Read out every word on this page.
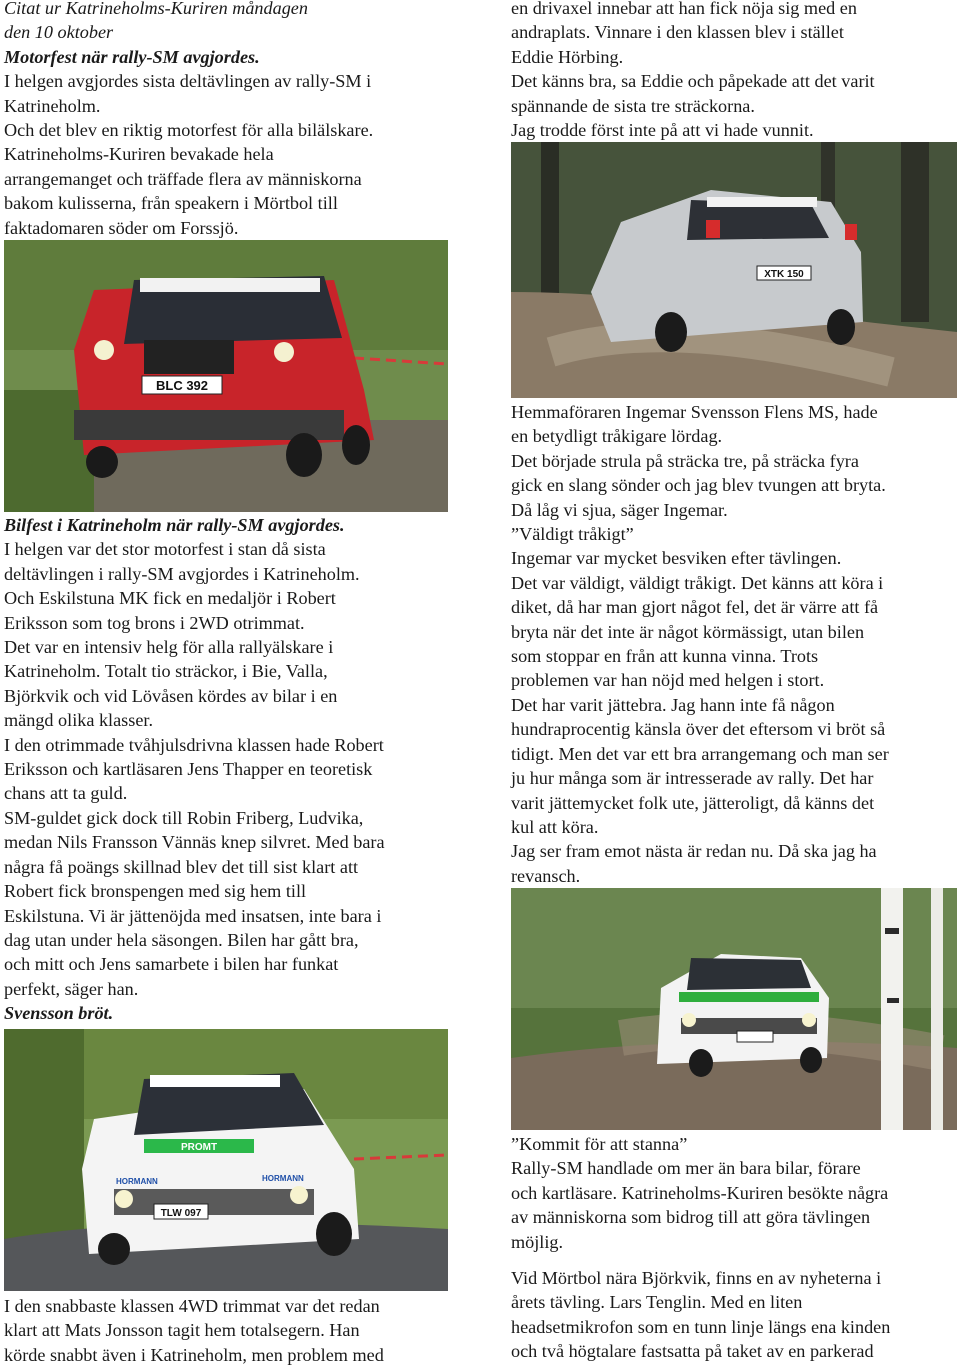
Citat ur Katrineholms-Kuriren måndagen

den 10 oktober

Motorfest när rally-SM avgjordes.

I helgen avgjordes sista deltävlingen av rally-SM i

Katrineholm.

Och det blev en riktig motorfest för alla bilälskare.

Katrineholms-Kuriren bevakade hela

arrangemanget och träffade flera av människorna

bakom kulisserna, från speakern i Mörtbol till

faktadomaren söder om Forssjö.

BLC 392

Bilfest i Katrineholm när rally-SM avgjordes.

I helgen var det stor motorfest i stan då sista

deltävlingen i rally-SM avgjordes i Katrineholm.

Och Eskilstuna MK fick en medaljör i Robert

Eriksson som tog brons i 2WD otrimmat.

Det var en intensiv helg för alla rallyälskare i

Katrineholm. Totalt tio sträckor, i Bie, Valla,

Björkvik och vid Lövåsen kördes av bilar i en

mängd olika klasser.

I den otrimmade tvåhjulsdrivna klassen hade Robert

Eriksson och kartläsaren Jens Thapper en teoretisk

chans att ta guld.

SM-guldet gick dock till Robin Friberg, Ludvika,

medan Nils Fransson Vännäs knep silvret. Med bara

några få poängs skillnad blev det till sist klart att

Robert fick bronspengen med sig hem till

Eskilstuna. Vi är jättenöjda med insatsen, inte bara i

dag utan under hela säsongen. Bilen har gått bra,

och mitt och Jens samarbete i bilen har funkat

perfekt, säger han.

Svensson bröt.

PROMT
HORMANN	HORMANN
TLW 097

I den snabbaste klassen 4WD trimmat var det redan

klart att Mats Jonsson tagit hem totalsegern. Han

körde snabbt även i Katrineholm, men problem med

en drivaxel innebar att han fick nöja sig med en

andraplats. Vinnare i den klassen blev i stället

Eddie Hörbing.

Det känns bra, sa Eddie och påpekade att det varit

spännande de sista tre sträckorna.

Jag trodde först inte på att vi hade vunnit.

XTK 150

Hemmaföraren Ingemar Svensson Flens MS, hade

en betydligt tråkigare lördag.

Det började strula på sträcka tre, på sträcka fyra

gick en slang sönder och jag blev tvungen att bryta.

Då låg vi sjua, säger Ingemar.

”Väldigt tråkigt”

Ingemar var mycket besviken efter tävlingen.

Det var väldigt, väldigt tråkigt. Det känns att köra i

diket, då har man gjort något fel, det är värre att få

bryta när det inte är något körmässigt, utan bilen

som stoppar en från att kunna vinna. Trots

problemen var han nöjd med helgen i stort.

Det har varit jättebra. Jag hann inte få någon

hundraprocentig känsla över det eftersom vi bröt så

tidigt. Men det var ett bra arrangemang och man ser

ju hur många som är intresserade av rally. Det har

varit jättemycket folk ute, jätteroligt, då känns det

kul att köra.

Jag ser fram emot nästa är redan nu. Då ska jag ha

revansch.

”Kommit för att stanna”

Rally-SM handlade om mer än bara bilar, förare

och kartläsare. Katrineholms-Kuriren besökte några

av människorna som bidrog till att göra tävlingen

möjlig.

Vid Mörtbol nära Björkvik, finns en av nyheterna i

årets tävling. Lars Tenglin. Med en liten

headsetmikrofon som en tunn linje längs ena kinden

och två högtalare fastsatta på taket av en parkerad
